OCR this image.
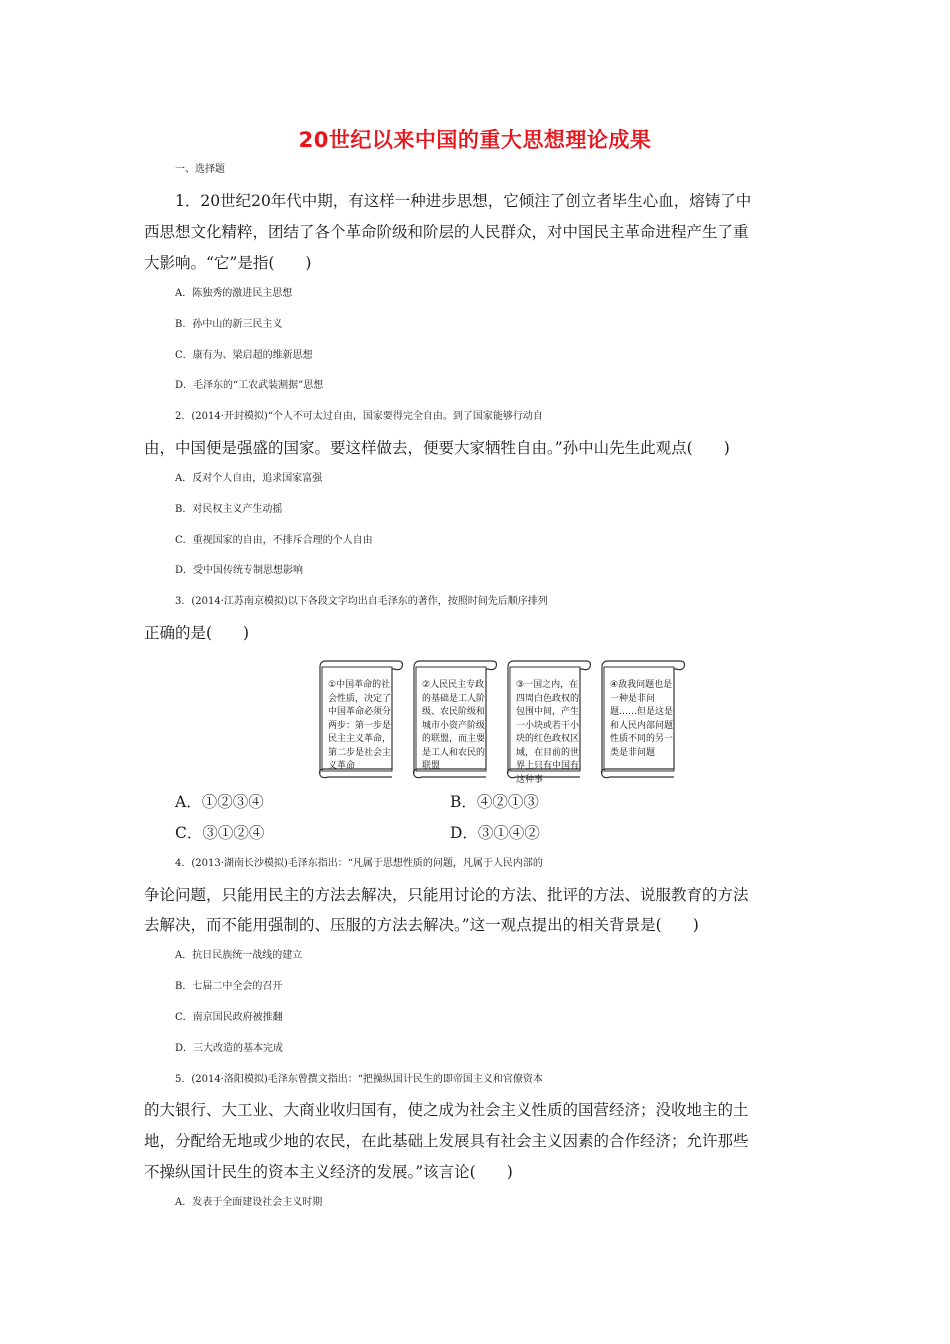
20世纪以来中国的重大思想理论成果
一、选择题
1．20世纪20年代中期，有这样一种进步思想，它倾注了创立者毕生心血，熔铸了中
西思想文化精粹，团结了各个革命阶级和阶层的人民群众，对中国民主革命进程产生了重
大影响。“它”是指(　　)
A．陈独秀的激进民主思想
B．孙中山的新三民主义
C．康有为、梁启超的维新思想
D．毛泽东的“工农武装割据”思想
2．(2014·开封模拟)“个人不可太过自由，国家要得完全自由。到了国家能够行动自
由，中国便是强盛的国家。要这样做去，便要大家牺牲自由。”孙中山先生此观点(　　)
A．反对个人自由，追求国家富强
B．对民权主义产生动摇
C．重视国家的自由，不排斥合理的个人自由
D．受中国传统专制思想影响
3．(2014·江苏南京模拟)以下各段文字均出自毛泽东的著作，按照时间先后顺序排列
正确的是(　　)
①中国革命的社会性质，决定了中国革命必须分两步：第一步是民主主义革命，第二步是社会主义革命
②人民民主专政的基础是工人阶级、农民阶级和城市小资产阶级的联盟，而主要是工人和农民的联盟
③一国之内，在四周白色政权的包围中间，产生一小块或若干小块的红色政权区域，在目前的世界上只有中国有这种事
④敌我问题也是一种是非问题……但是这是和人民内部问题性质不同的另一类是非问题
A．①②③④	B．④②①③
C．③①②④	D．③①④②
4．(2013·湖南长沙模拟)毛泽东指出：“凡属于思想性质的问题，凡属于人民内部的
争论问题，只能用民主的方法去解决，只能用讨论的方法、批评的方法、说服教育的方法
去解决，而不能用强制的、压服的方法去解决。”这一观点提出的相关背景是(　　)
A．抗日民族统一战线的建立
B．七届二中全会的召开
C．南京国民政府被推翻
D．三大改造的基本完成
5．(2014·洛阳模拟)毛泽东曾撰文指出：“把操纵国计民生的即帝国主义和官僚资本
的大银行、大工业、大商业收归国有，使之成为社会主义性质的国营经济；没收地主的土
地，分配给无地或少地的农民，在此基础上发展具有社会主义因素的合作经济；允许那些
不操纵国计民生的资本主义经济的发展。”该言论(　　)
A．发表于全面建设社会主义时期
